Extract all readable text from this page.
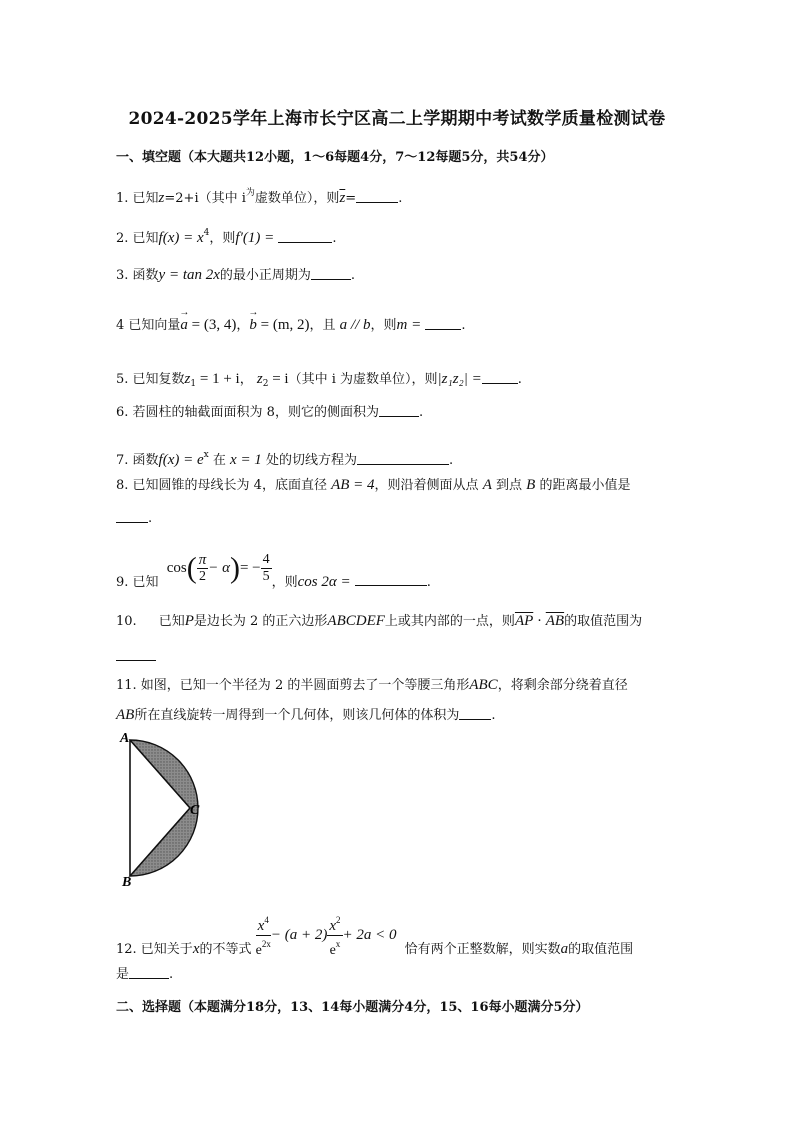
2024-2025学年上海市长宁区高二上学期期中考试数学质量检测试卷
一、填空题（本大题共12小题，1～6每题4分，7～12每题5分，共54分）
1. 已知z=2+i（其中 $i^为$虚数单位），则$\overline{z}=$	.
2. 已知$f(x) = x^4$，则f′(1) =	.
3. 函数y = tan 2x的最小正周期为	.
4 已知向量→ a = (3, 4)，→ b = (m, 2)，且 a // b，则m =	.
5. 已知复数$z_1 = 1 + i$， $z_2 = i$（其中 i 为虚数单位），则|z₁z₂| =	.
6. 若圆柱的轴截面面积为 8，则它的侧面积为	.
7. 函数$f(x) = e^x$ 在 x = 1 处的切线方程为	.
8. 已知圆锥的母线长为 4，底面直径 AB = 4，则沿着侧面从点 A 到点 B 的距离最小值是
.
9. 已知 $\cos( \frac{\pi}{2} - \alpha)= - \frac{4}{5}$ ，则cos 2α =	.
10. 已知P是边长为 2 的正六边形ABCDEF上或其内部的一点，则$\overline{AP} \cdot \overline{AB}$的取值范围为
11. 如图，已知一个半径为 2 的半圆面剪去了一个等腰三角形ABC，将剩余部分绕着直径
AB所在直线旋转一周得到一个几何体，则该几何体的体积为 .
A
C
B
12. 已知关于x的不等式 $\frac{x^4}{e^{2x}} - (a + 2) \frac{x^2}{e^x} + 2a < 0$ 恰有两个正整数解，则实数a的取值范围
是	.
二、选择题（本题满分18分，13、14每小题满分4分，15、16每小题满分5分）
